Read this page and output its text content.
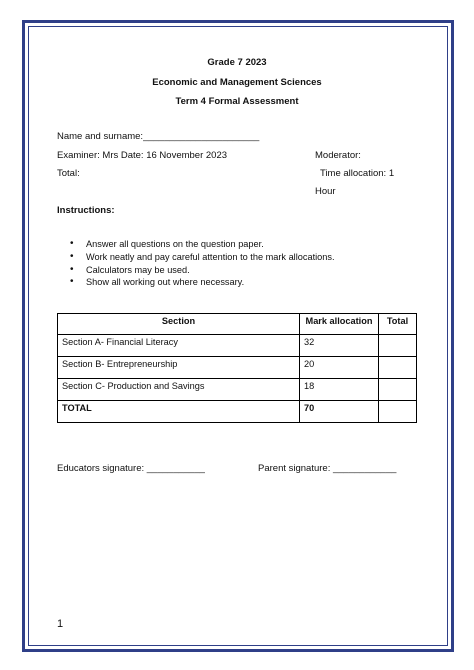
Grade 7 2023
Economic and Management Sciences
Term 4 Formal Assessment
Name and surname:______________________
Examiner: Mrs Date: 16 November 2023	Moderator:
Total:	Time allocation: 1
Hour
Instructions:
• Answer all questions on the question paper.
• Work neatly and pay careful attention to the mark allocations.
• Calculators may be used.
• Show all working out where necessary.
Section	Mark allocation	Total
Section A- Financial Literacy	32	
Section B- Entrepreneurship	20	
Section C- Production and Savings	18	
TOTAL	70	
Educators signature: ___________	Parent signature: ____________
1
